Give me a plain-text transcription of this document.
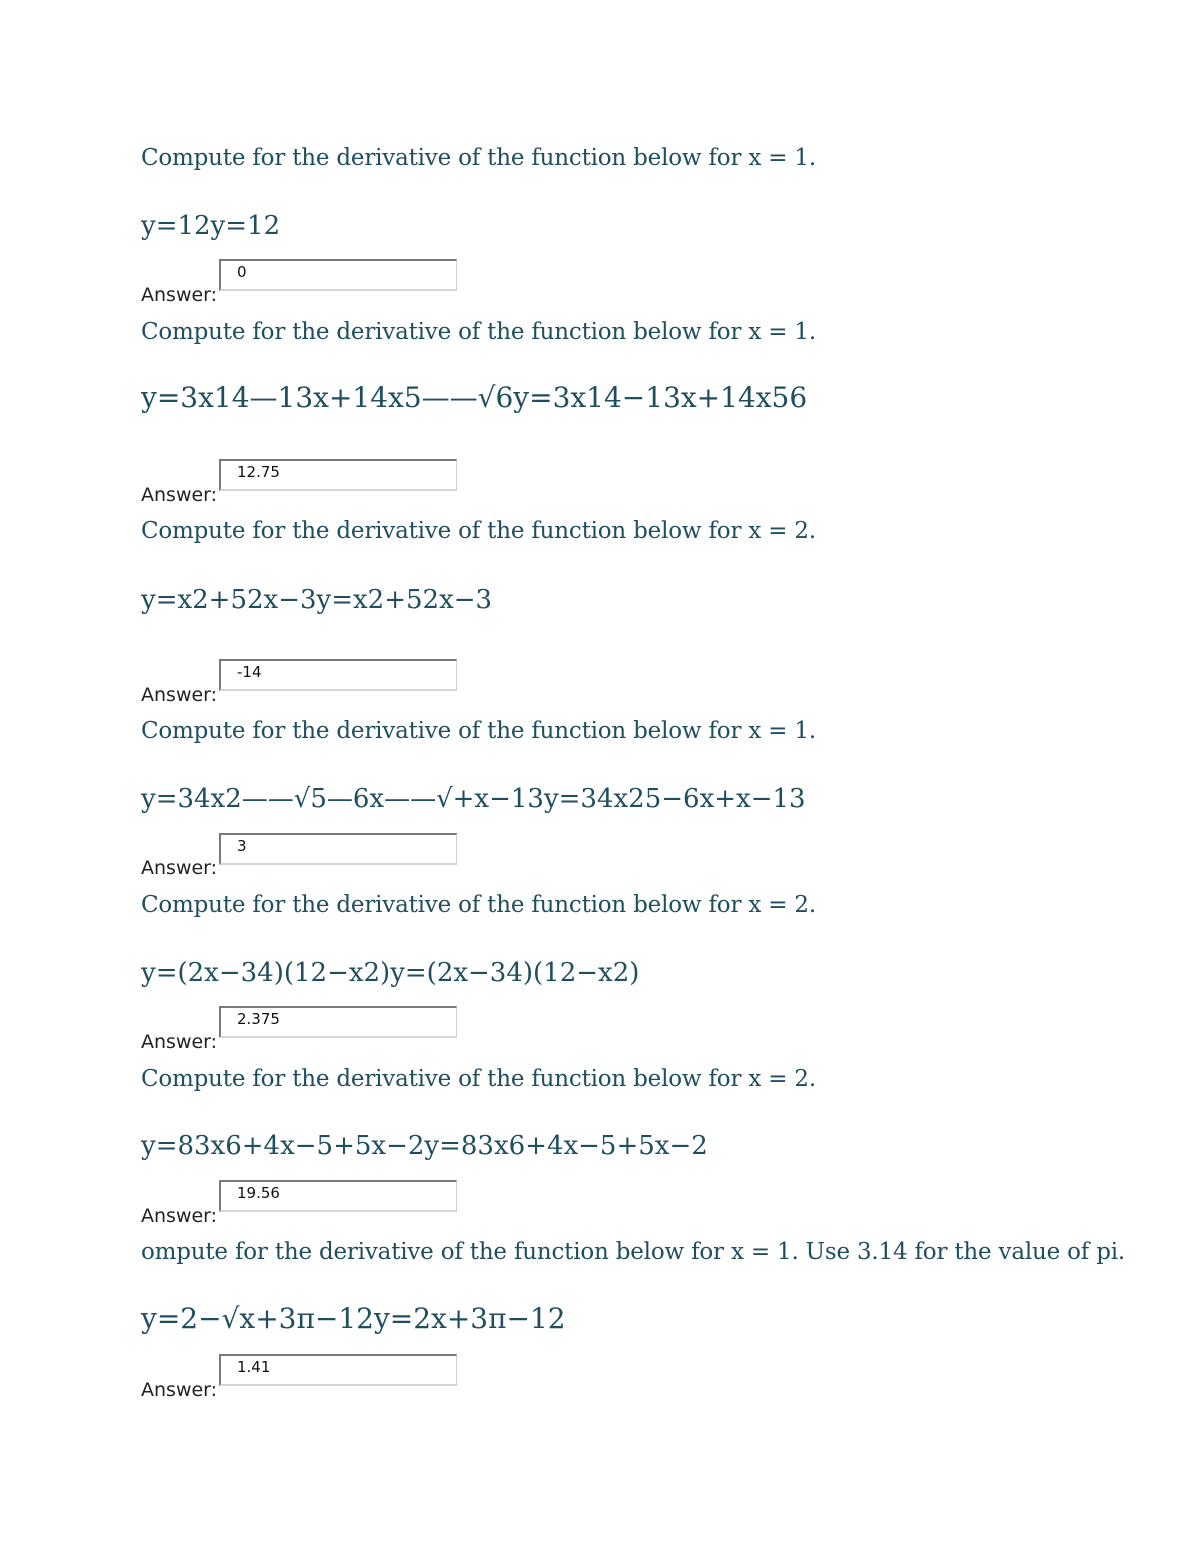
Compute for the derivative of the function below for x = 1.
y=12y=12
Answer:
0
Compute for the derivative of the function below for x = 1.
y=3x14—13x+14x5——√6y=3x14−13x+14x56
Answer:
12.75
Compute for the derivative of the function below for x = 2.
y=x2+52x−3y=x2+52x−3
Answer:
-14
Compute for the derivative of the function below for x = 1.
y=34x2——√5—6x——√+x−13y=34x25−6x+x−13
Answer:
3
Compute for the derivative of the function below for x = 2.
y=(2x−34)(12−x2)y=(2x−34)(12−x2)
Answer:
2.375
Compute for the derivative of the function below for x = 2.
y=83x6+4x−5+5x−2y=83x6+4x−5+5x−2
Answer:
19.56
ompute for the derivative of the function below for x = 1. Use 3.14 for the value of pi.
y=2−√x+3π−12y=2x+3π−12
Answer:
1.41
